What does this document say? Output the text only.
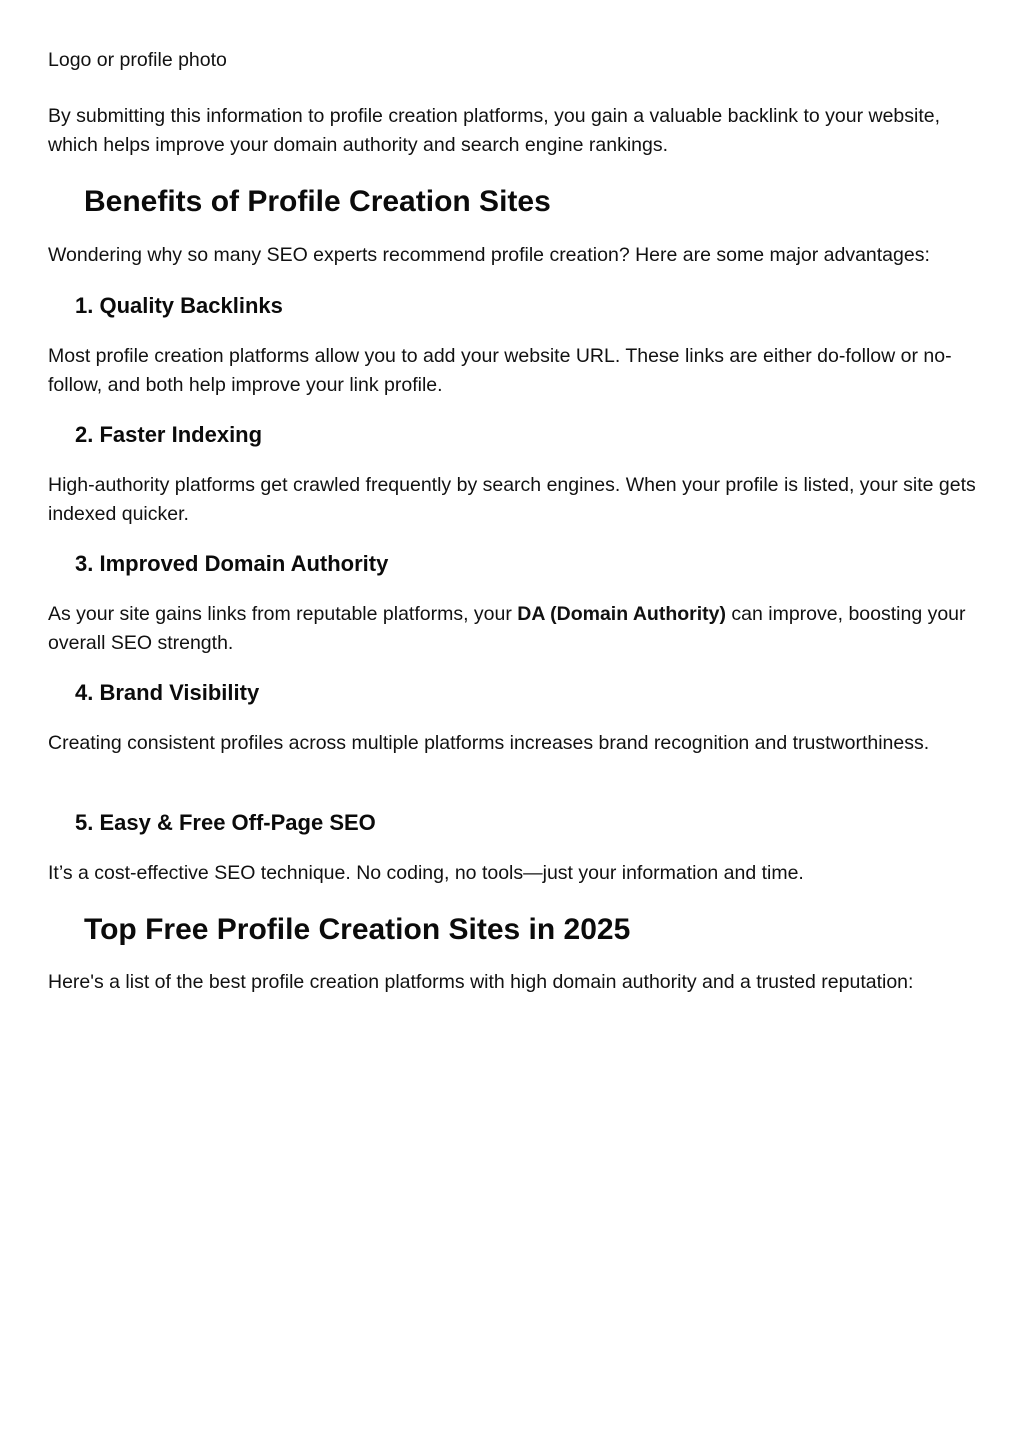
Logo or profile photo

By submitting this information to profile creation platforms, you gain a valuable backlink to your website, which helps improve your domain authority and search engine rankings.

Benefits of Profile Creation Sites

Wondering why so many SEO experts recommend profile creation? Here are some major advantages:

1. Quality Backlinks

Most profile creation platforms allow you to add your website URL. These links are either do-follow or no-follow, and both help improve your link profile.

2. Faster Indexing

High-authority platforms get crawled frequently by search engines. When your profile is listed, your site gets indexed quicker.

3. Improved Domain Authority

As your site gains links from reputable platforms, your DA (Domain Authority) can improve, boosting your overall SEO strength.

4. Brand Visibility

Creating consistent profiles across multiple platforms increases brand recognition and trustworthiness.

5. Easy & Free Off-Page SEO

It’s a cost-effective SEO technique. No coding, no tools—just your information and time.

Top Free Profile Creation Sites in 2025

Here's a list of the best profile creation platforms with high domain authority and a trusted reputation:
